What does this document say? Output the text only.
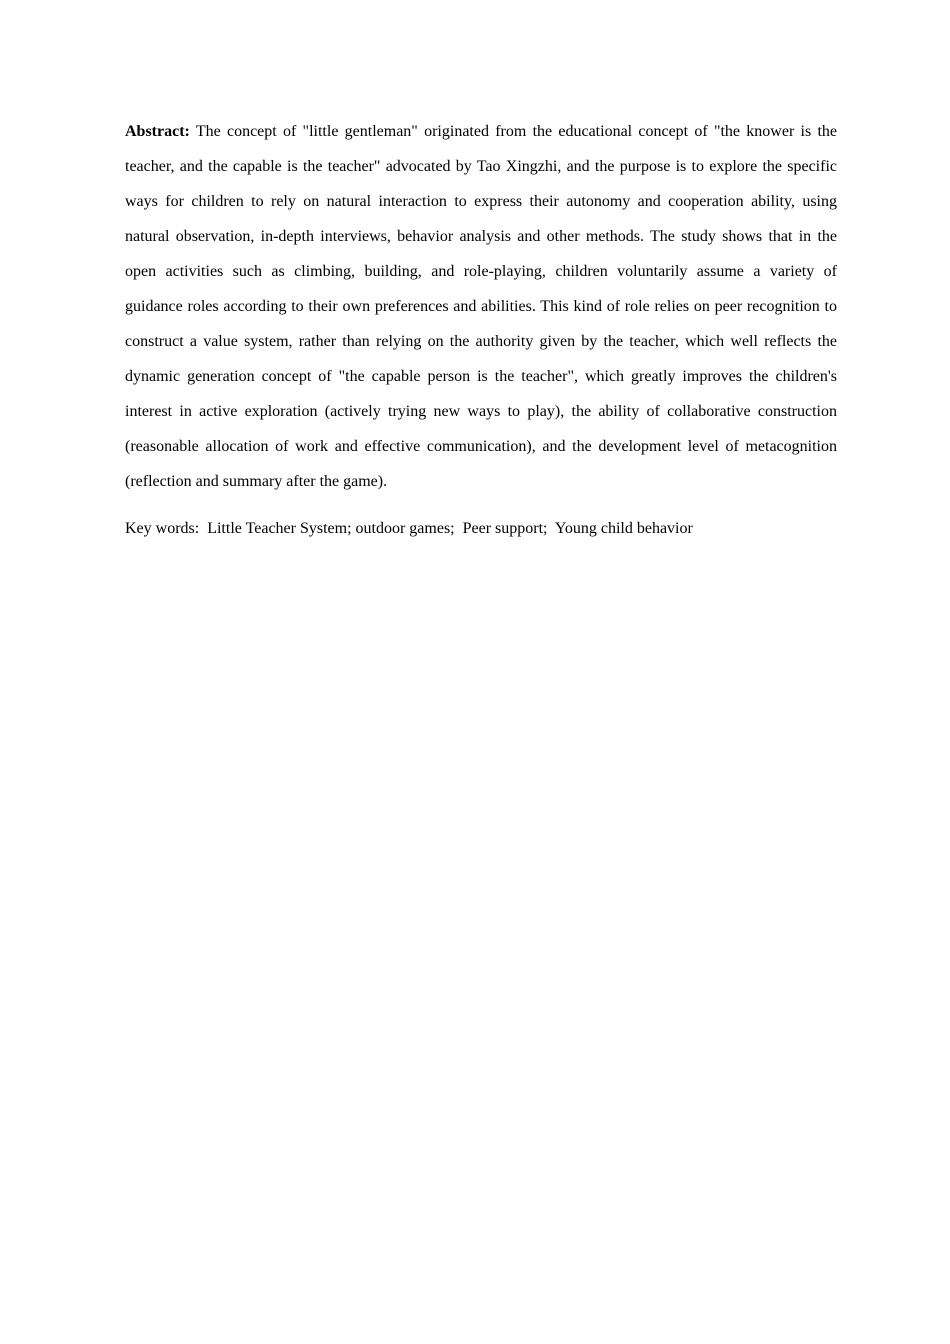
Abstract: The concept of "little gentleman" originated from the educational concept of "the knower is the
teacher, and the capable is the teacher" advocated by Tao Xingzhi, and the purpose is to explore the specific
ways for children to rely on natural interaction to express their autonomy and cooperation ability, using
natural observation, in-depth interviews, behavior analysis and other methods. The study shows that in the
open activities such as climbing, building, and role-playing, children voluntarily assume a variety of
guidance roles according to their own preferences and abilities. This kind of role relies on peer recognition to
construct a value system, rather than relying on the authority given by the teacher, which well reflects the
dynamic generation concept of "the capable person is the teacher", which greatly improves the children's
interest in active exploration (actively trying new ways to play), the ability of collaborative construction
(reasonable allocation of work and effective communication), and the development level of metacognition
(reflection and summary after the game).
Key words:  Little Teacher System; outdoor games;  Peer support;  Young child behavior
